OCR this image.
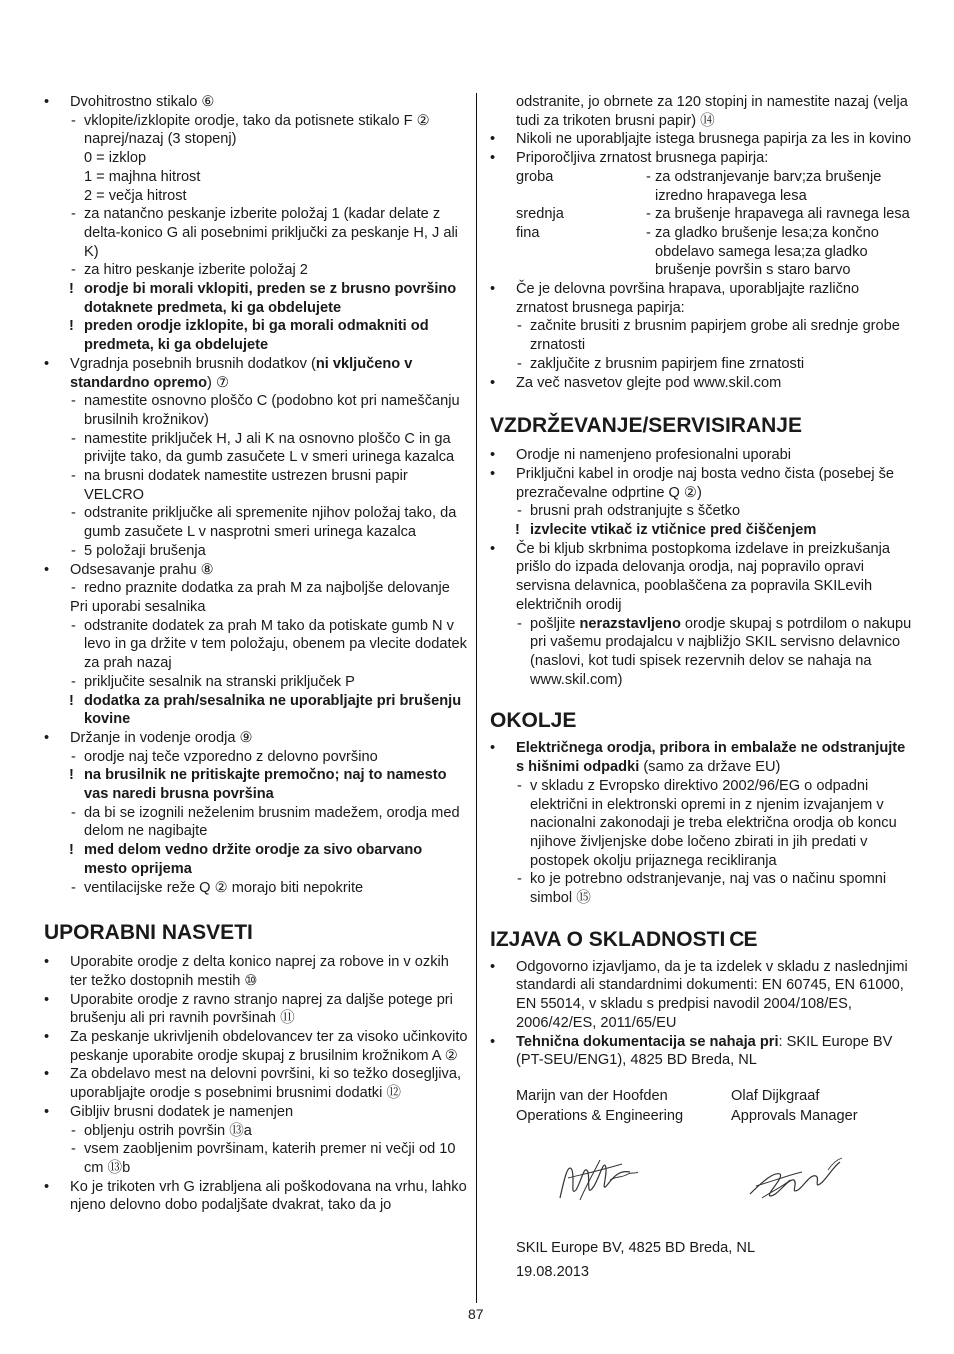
• Dvohitrostno stikalo ⑥
- vklopite/izklopite orodje, tako da potisnete stikalo F ② naprej/nazaj (3 stopenj)
0 = izklop
1 = majhna hitrost
2 = večja hitrost
- za natančno peskanje izberite položaj 1 (kadar delate z delta-konico G ali posebnimi priključki za peskanje H, J ali K)
- za hitro peskanje izberite položaj 2
! orodje bi morali vklopiti, preden se z brusno površino dotaknete predmeta, ki ga obdelujete
! preden orodje izklopite, bi ga morali odmakniti od predmeta, ki ga obdelujete
• Vgradnja posebnih brusnih dodatkov (ni vključeno v standardno opremo) ⑦
- namestite osnovno ploščo C (podobno kot pri nameščanju brusilnih krožnikov)
- namestite priključek H, J ali K na osnovno ploščo C in ga privijte tako, da gumb zasučete L v smeri urinega kazalca
- na brusni dodatek namestite ustrezen brusni papir VELCRO
- odstranite priključke ali spremenite njihov položaj tako, da gumb zasučete L v nasprotni smeri urinega kazalca
- 5 položaji brušenja
• Odsesavanje prahu ⑧
- redno praznite dodatka za prah M za najboljše delovanje
Pri uporabi sesalnika
- odstranite dodatek za prah M tako da potiskate gumb N v levo in ga držite v tem položaju, obenem pa vlecite dodatek za prah nazaj
- priključite sesalnik na stranski priključek P
! dodatka za prah/sesalnika ne uporabljajte pri brušenju kovine
• Držanje in vodenje orodja ⑨
- orodje naj teče vzporedno z delovno površino
! na brusilnik ne pritiskajte premočno; naj to namesto vas naredi brusna površina
- da bi se izognili neželenim brusnim madežem, orodja med delom ne nagibajte
! med delom vedno držite orodje za sivo obarvano mesto oprijema
- ventilacijske reže Q ② morajo biti nepokrite
UPORABNI NASVETI
• Uporabite orodje z delta konico naprej za robove in v ozkih ter težko dostopnih mestih ⑩
• Uporabite orodje z ravno stranjo naprej za daljše potege pri brušenju ali pri ravnih površinah ⑪
• Za peskanje ukrivljenih obdelovancev ter za visoko učinkovito peskanje uporabite orodje skupaj z brusilnim krožnikom A ②
• Za obdelavo mest na delovni površini, ki so težko dosegljiva, uporabljajte orodje s posebnimi brusnimi dodatki ⑫
• Gibljiv brusni dodatek je namenjen
- obljenju ostrih površin ⑬a
- vsem zaobljenim površinam, katerih premer ni večji od 10 cm ⑬b
• Ko je trikoten vrh G izrabljena ali poškodovana na vrhu, lahko njeno delovno dobo podaljšate dvakrat, tako da jo
odstranite, jo obrnete za 120 stopinj in namestite nazaj (velja tudi za trikoten brusni papir) ⑭
• Nikoli ne uporabljajte istega brusnega papirja za les in kovino
• Priporočljiva zrnatost brusnega papirja:
groba	- za odstranjevanje barv;za brušenje izredno hrapavega lesa
srednja	- za brušenje hrapavega ali ravnega lesa
fina	- za gladko brušenje lesa;za končno obdelavo samega lesa;za gladko brušenje površin s staro barvo
• Če je delovna površina hrapava, uporabljajte različno zrnatost brusnega papirja:
- začnite brusiti z brusnim papirjem grobe ali srednje grobe zrnatosti
- zaključite z brusnim papirjem fine zrnatosti
• Za več nasvetov glejte pod www.skil.com
VZDRŽEVANJE/SERVISIRANJE
• Orodje ni namenjeno profesionalni uporabi
• Priključni kabel in orodje naj bosta vedno čista (posebej še prezračevalne odprtine Q ②)
- brusni prah odstranjujte s ščetko
! izvlecite vtikač iz vtičnice pred čiščenjem
• Če bi kljub skrbnima postopkoma izdelave in preizkušanja prišlo do izpada delovanja orodja, naj popravilo opravi servisna delavnica, pooblaščena za popravila SKILevih električnih orodij
- pošljite nerazstavljeno orodje skupaj s potrdilom o nakupu pri vašemu prodajalcu v najbližjo SKIL servisno delavnico (naslovi, kot tudi spisek rezervnih delov se nahaja na www.skil.com)
OKOLJE
• Električnega orodja, pribora in embalaže ne odstranjujte s hišnimi odpadki (samo za države EU)
- v skladu z Evropsko direktivo 2002/96/EG o odpadni električni in elektronski opremi in z njenim izvajanjem v nacionalni zakonodaji je treba električna orodja ob koncu njihove življenjske dobe ločeno zbirati in jih predati v postopek okolju prijaznega recikliranja
- ko je potrebno odstranjevanje, naj vas o načinu spomni simbol ⑮
IZJAVA O SKLADNOSTI CE
• Odgovorno izjavljamo, da je ta izdelek v skladu z naslednjimi standardi ali standardnimi dokumenti: EN 60745, EN 61000, EN 55014, v skladu s predpisi navodil 2004/108/ES, 2006/42/ES, 2011/65/EU
• Tehnična dokumentacija se nahaja pri: SKIL Europe BV (PT-SEU/ENG1), 4825 BD Breda, NL
Marijn van der Hoofden
Operations & Engineering
Olaf Dijkgraaf
Approvals Manager
SKIL Europe BV, 4825 BD Breda, NL
19.08.2013
87
